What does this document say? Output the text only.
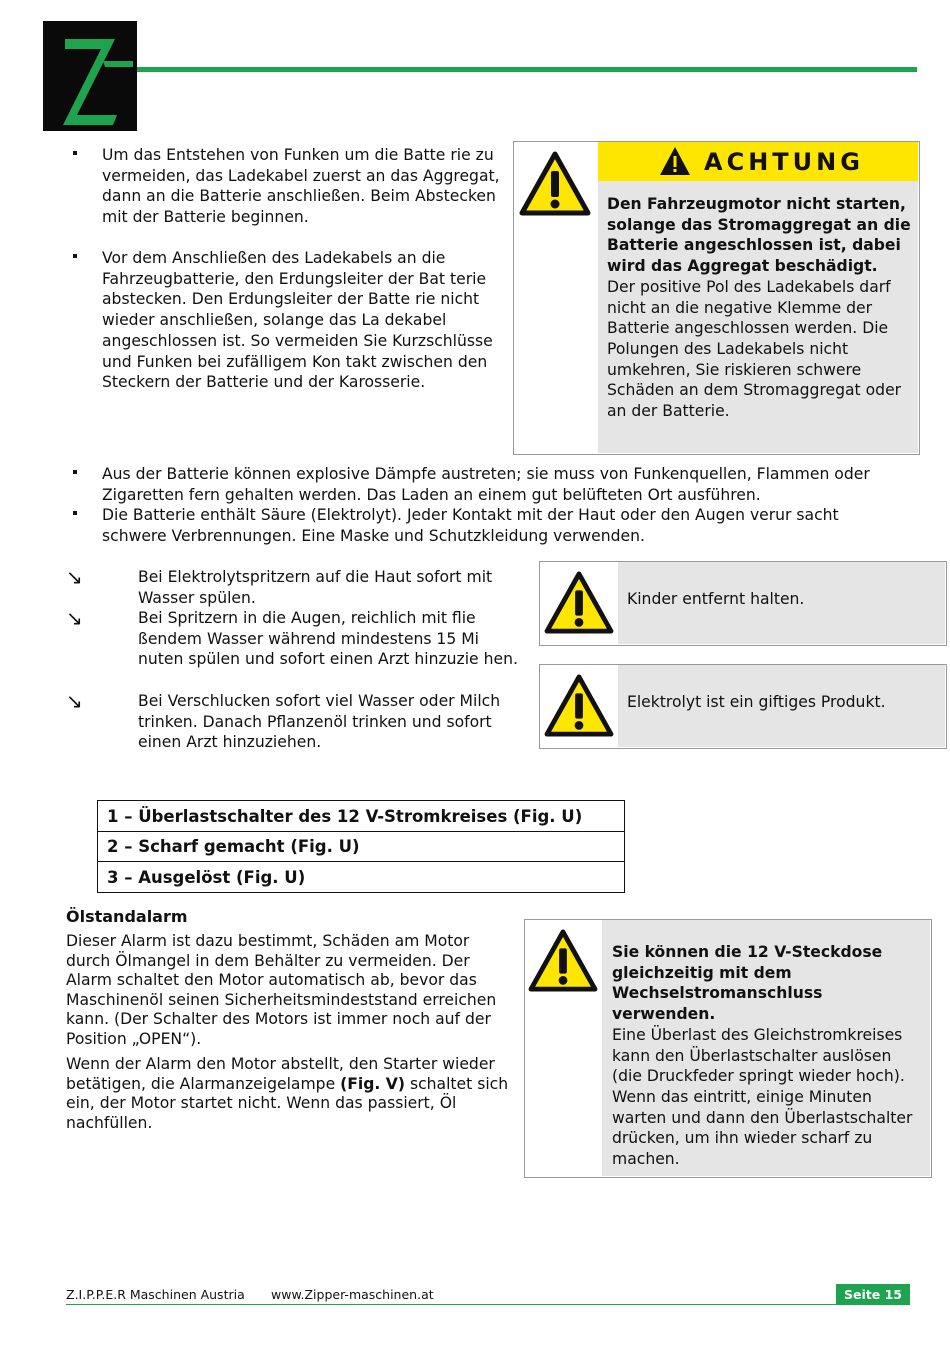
Um das Entstehen von Funken um die Batte rie zu vermeiden, das Ladekabel zuerst an das Aggregat, dann an die Batterie anschließen. Beim Abstecken mit der Batterie beginnen.
Vor dem Anschließen des Ladekabels an die Fahrzeugbatterie, den Erdungsleiter der Bat terie abstecken. Den Erdungsleiter der Batte rie nicht wieder anschließen, solange das La dekabel angeschlossen ist. So vermeiden Sie Kurzschlüsse und Funken bei zufälligem Kon takt zwischen den Steckern der Batterie und der Karosserie.
ACHTUNG
Den Fahrzeugmotor nicht starten, solange das Stromaggregat an die Batterie angeschlossen ist, dabei wird das Aggregat beschädigt.
Der positive Pol des Ladekabels darf nicht an die negative Klemme der Batterie angeschlossen werden. Die Polungen des Ladekabels nicht umkehren, Sie riskieren schwere Schäden an dem Stromaggregat oder an der Batterie.
Aus der Batterie können explosive Dämpfe austreten; sie muss von Funkenquellen, Flammen oder Zigaretten fern gehalten werden. Das Laden an einem gut belüfteten Ort ausführen.
Die Batterie enthält Säure (Elektrolyt). Jeder Kontakt mit der Haut oder den Augen verur sacht schwere Verbrennungen. Eine Maske und Schutzkleidung verwenden.
↘	Bei Elektrolytspritzern auf die Haut sofort mit Wasser spülen.
↘	Bei Spritzern in die Augen, reichlich mit flie ßendem Wasser während mindestens 15 Mi nuten spülen und sofort einen Arzt hinzuzie hen.
↘	Bei Verschlucken sofort viel Wasser oder Milch trinken. Danach Pflanzenöl trinken und sofort einen Arzt hinzuziehen.
Kinder entfernt halten.
Elektrolyt ist ein giftiges Produkt.
1 – Überlastschalter des 12 V-Stromkreises (Fig. U)
2 – Scharf gemacht (Fig. U)
3 – Ausgelöst (Fig. U)
Ölstandalarm
Dieser Alarm ist dazu bestimmt, Schäden am Motor durch Ölmangel in dem Behälter zu vermeiden. Der Alarm schaltet den Motor automatisch ab, bevor das Maschinenöl seinen Sicherheitsmindeststand erreichen kann. (Der Schalter des Motors ist immer noch auf der Position „OPEN“).
Wenn der Alarm den Motor abstellt, den Starter wieder betätigen, die Alarmanzeigelampe (Fig. V) schaltet sich ein, der Motor startet nicht. Wenn das passiert, Öl nachfüllen.
Sie können die 12 V-Steckdose gleichzeitig mit dem Wechselstromanschluss verwenden.
Eine Überlast des Gleichstromkreises kann den Überlastschalter auslösen (die Druckfeder springt wieder hoch). Wenn das eintritt, einige Minuten warten und dann den Überlastschalter drücken, um ihn wieder scharf zu machen.
Z.I.P.P.E.R Maschinen Austria www.Zipper-maschinen.at	Seite 15
